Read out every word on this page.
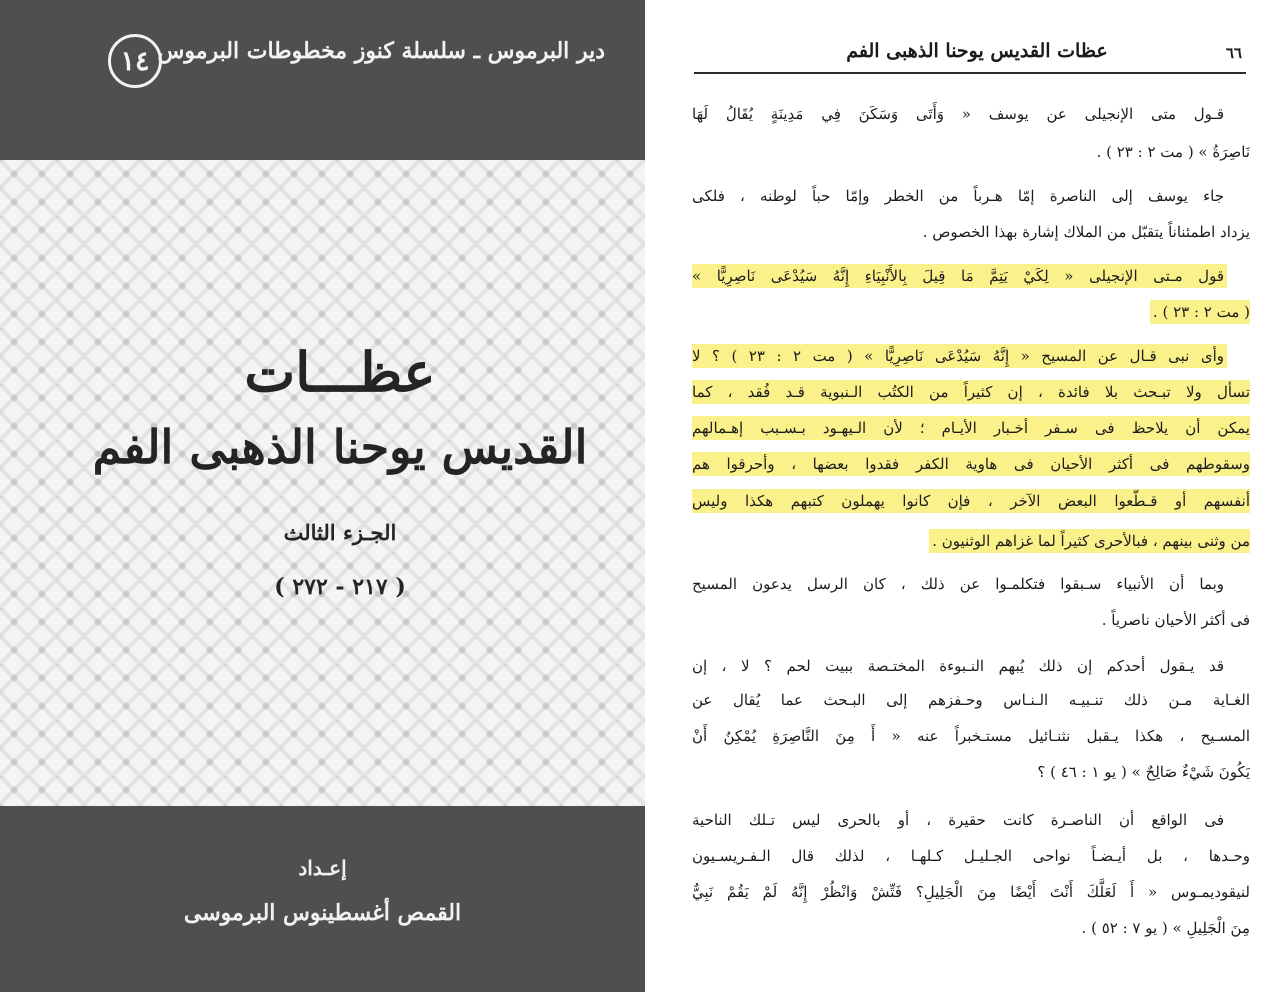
١٤ دير البرموس ـ سلسلة كنوز مخطوطات البرموس
عظـــات
القديس يوحنا الذهبى الفم
الجـزء الثالث
( ٢١٧ - ٢٧٢ )
إعـداد
القمص أغسطينوس البرموسى
عظات القديس يوحنا الذهبى الفم	٦٦
قـول متى الإنجيلى عن يوسف « وَأَتَى وَسَكَنَ فِي مَدِينَةٍ يُقَالُ لَهَا
نَاصِرَةُ » ( مت ٢ : ٢٣ ) .
جاء يوسف إلى الناصرة إمّا هـرباً من الخطر وإمّا حباً لوطنه ، فلكى
يزداد اطمئناناً يتقبّل من الملاك إشارة بهذا الخصوص .
قول مـتى الإنجيلى « لِكَيْ يَتِمَّ مَا قِيلَ بِالأَنْبِيَاءِ إِنَّهُ سَيُدْعَى نَاصِرِيًّا »
( مت ٢ : ٢٣ ) .
وأى نبى قـال عن المسيح « إِنَّهُ سَيُدْعَى نَاصِرِيًّا » ( مت ٢ : ٢٣ ) ؟ لا
تسأل ولا تبـحث بلا فائدة ، إن كثيراً من الكتُب الـنبوية قـد فُقد ، كما
يمكن أن يلاحظ فى سـفر أخـبار الأيـام ؛ لأن الـيهـود بـسـبب إهـمالهم
وسقوطهم فى أكثر الأحيان فى هاوية الكفر فقدوا بعضها ، وأحرقوا هم
أنفسهم أو قـطّعوا البعض الآخر ، فإن كانوا يهملون كتبهم هكذا وليس
من وثنى بينهم ، فبالأحرى كثيراً لما غزاهم الوثنيون .
وبما أن الأنبياء سـبقوا فتكلمـوا عن ذلك ، كان الرسل يدعون المسيح
فى أكثر الأحيان ناصرياً .
قد يـقول أحدكم إن ذلك يُبهم النـبوءة المختـصة ببيت لحم ؟ لا ، إن
الغـاية مـن ذلك تنـبيـه الـنـاس وحـفزهم إلى البـحث عما يُقال عن
المسـيح ، هكذا يـقبل نثنـائيل مستـخبراً عنه « أَ مِنَ النَّاصِرَةِ يُمْكِنُ أَنْ
يَكُونَ شَيْءٌ صَالِحٌ » ( يو ١ : ٤٦ ) ؟
فى الواقع أن الناصـرة كانت حقيرة ، أو بالحرى ليس تـلك الناحية
وحـدها ، بل أيـضـاً نواحى الجـليـل كـلهـا ، لذلك قال الـفـريسـيون
لنيقوديمـوس « أَ لَعَلَّكَ أَنْتَ أَيْضًا مِنَ الْجَلِيلِ؟ فَتِّشْ وَانْظُرْ إِنَّهُ لَمْ يَقُمْ نَبِيٌّ
مِنَ الْجَلِيلِ » ( يو ٧ : ٥٢ ) .
